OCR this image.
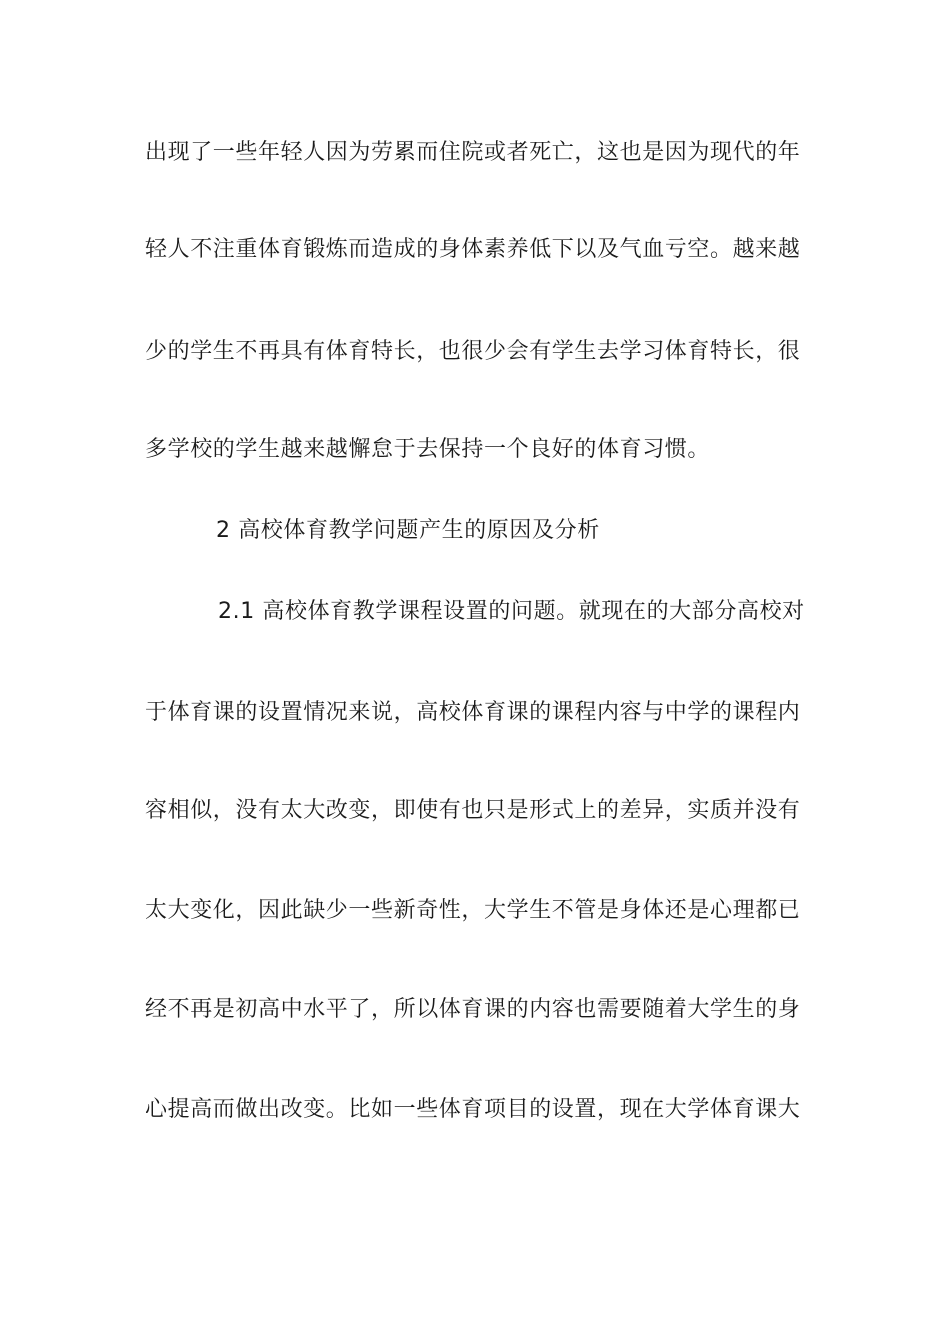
出现了一些年轻人因为劳累而住院或者死亡，这也是因为现代的年
轻人不注重体育锻炼而造成的身体素养低下以及气血亏空。越来越
少的学生不再具有体育特长，也很少会有学生去学习体育特长，很
多学校的学生越来越懈怠于去保持一个良好的体育习惯。
2 高校体育教学问题产生的原因及分析
2.1 高校体育教学课程设置的问题。就现在的大部分高校对
于体育课的设置情况来说，高校体育课的课程内容与中学的课程内
容相似，没有太大改变，即使有也只是形式上的差异，实质并没有
太大变化，因此缺少一些新奇性，大学生不管是身体还是心理都已
经不再是初高中水平了，所以体育课的内容也需要随着大学生的身
心提高而做出改变。比如一些体育项目的设置，现在大学体育课大
